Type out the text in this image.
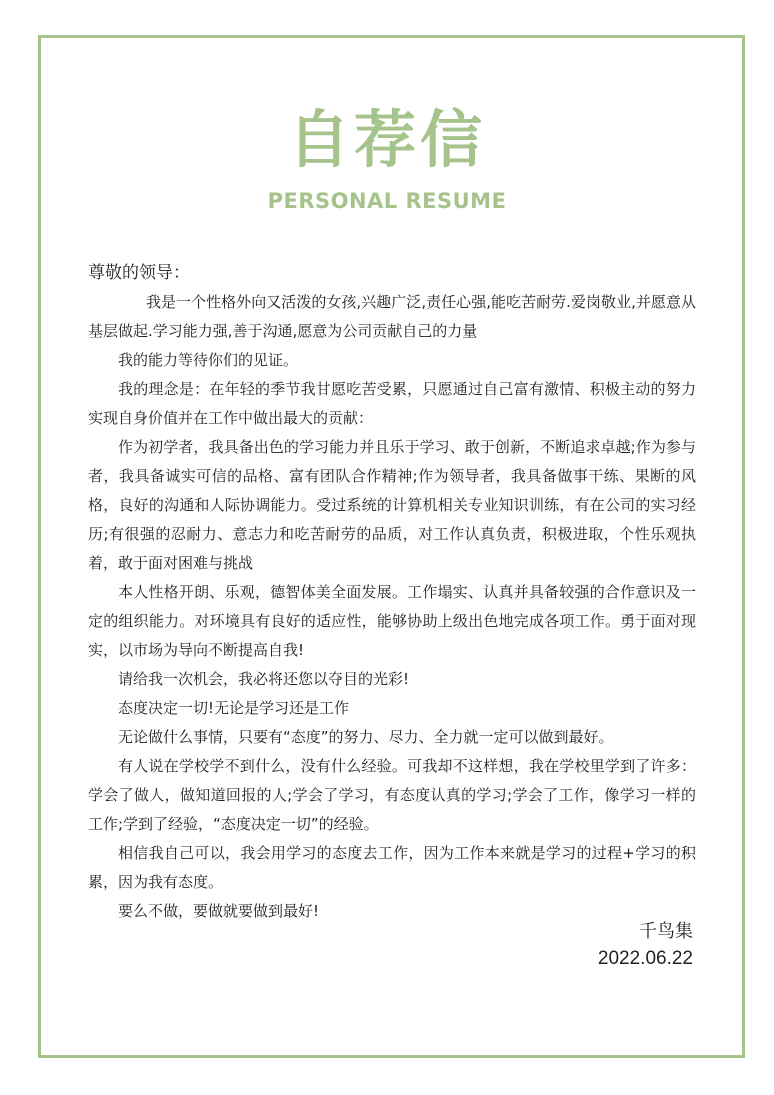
自荐信
PERSONAL RESUME
尊敬的领导：

我是一个性格外向又活泼的女孩,兴趣广泛,责任心强,能吃苦耐劳.爱岗敬业,并愿意从基层做起.学习能力强,善于沟通,愿意为公司贡献自己的力量

我的能力等待你们的见证。

我的理念是：在年轻的季节我甘愿吃苦受累，只愿通过自己富有激情、积极主动的努力实现自身价值并在工作中做出最大的贡献：

作为初学者，我具备出色的学习能力并且乐于学习、敢于创新，不断追求卓越;作为参与者，我具备诚实可信的品格、富有团队合作精神;作为领导者，我具备做事干练、果断的风格，良好的沟通和人际协调能力。受过系统的计算机相关专业知识训练，有在公司的实习经历;有很强的忍耐力、意志力和吃苦耐劳的品质，对工作认真负责，积极进取，个性乐观执着，敢于面对困难与挑战

本人性格开朗、乐观，德智体美全面发展。工作塌实、认真并具备较强的合作意识及一定的组织能力。对环境具有良好的适应性，能够协助上级出色地完成各项工作。勇于面对现实，以市场为导向不断提高自我!

请给我一次机会，我必将还您以夺目的光彩!

态度决定一切!无论是学习还是工作

无论做什么事情，只要有“态度”的努力、尽力、全力就一定可以做到最好。

有人说在学校学不到什么，没有什么经验。可我却不这样想，我在学校里学到了许多：学会了做人，做知道回报的人;学会了学习，有态度认真的学习;学会了工作，像学习一样的工作;学到了经验，“态度决定一切”的经验。

相信我自己可以，我会用学习的态度去工作，因为工作本来就是学习的过程+学习的积累，因为我有态度。

要么不做，要做就要做到最好!

千鸟集
2022.06.22
